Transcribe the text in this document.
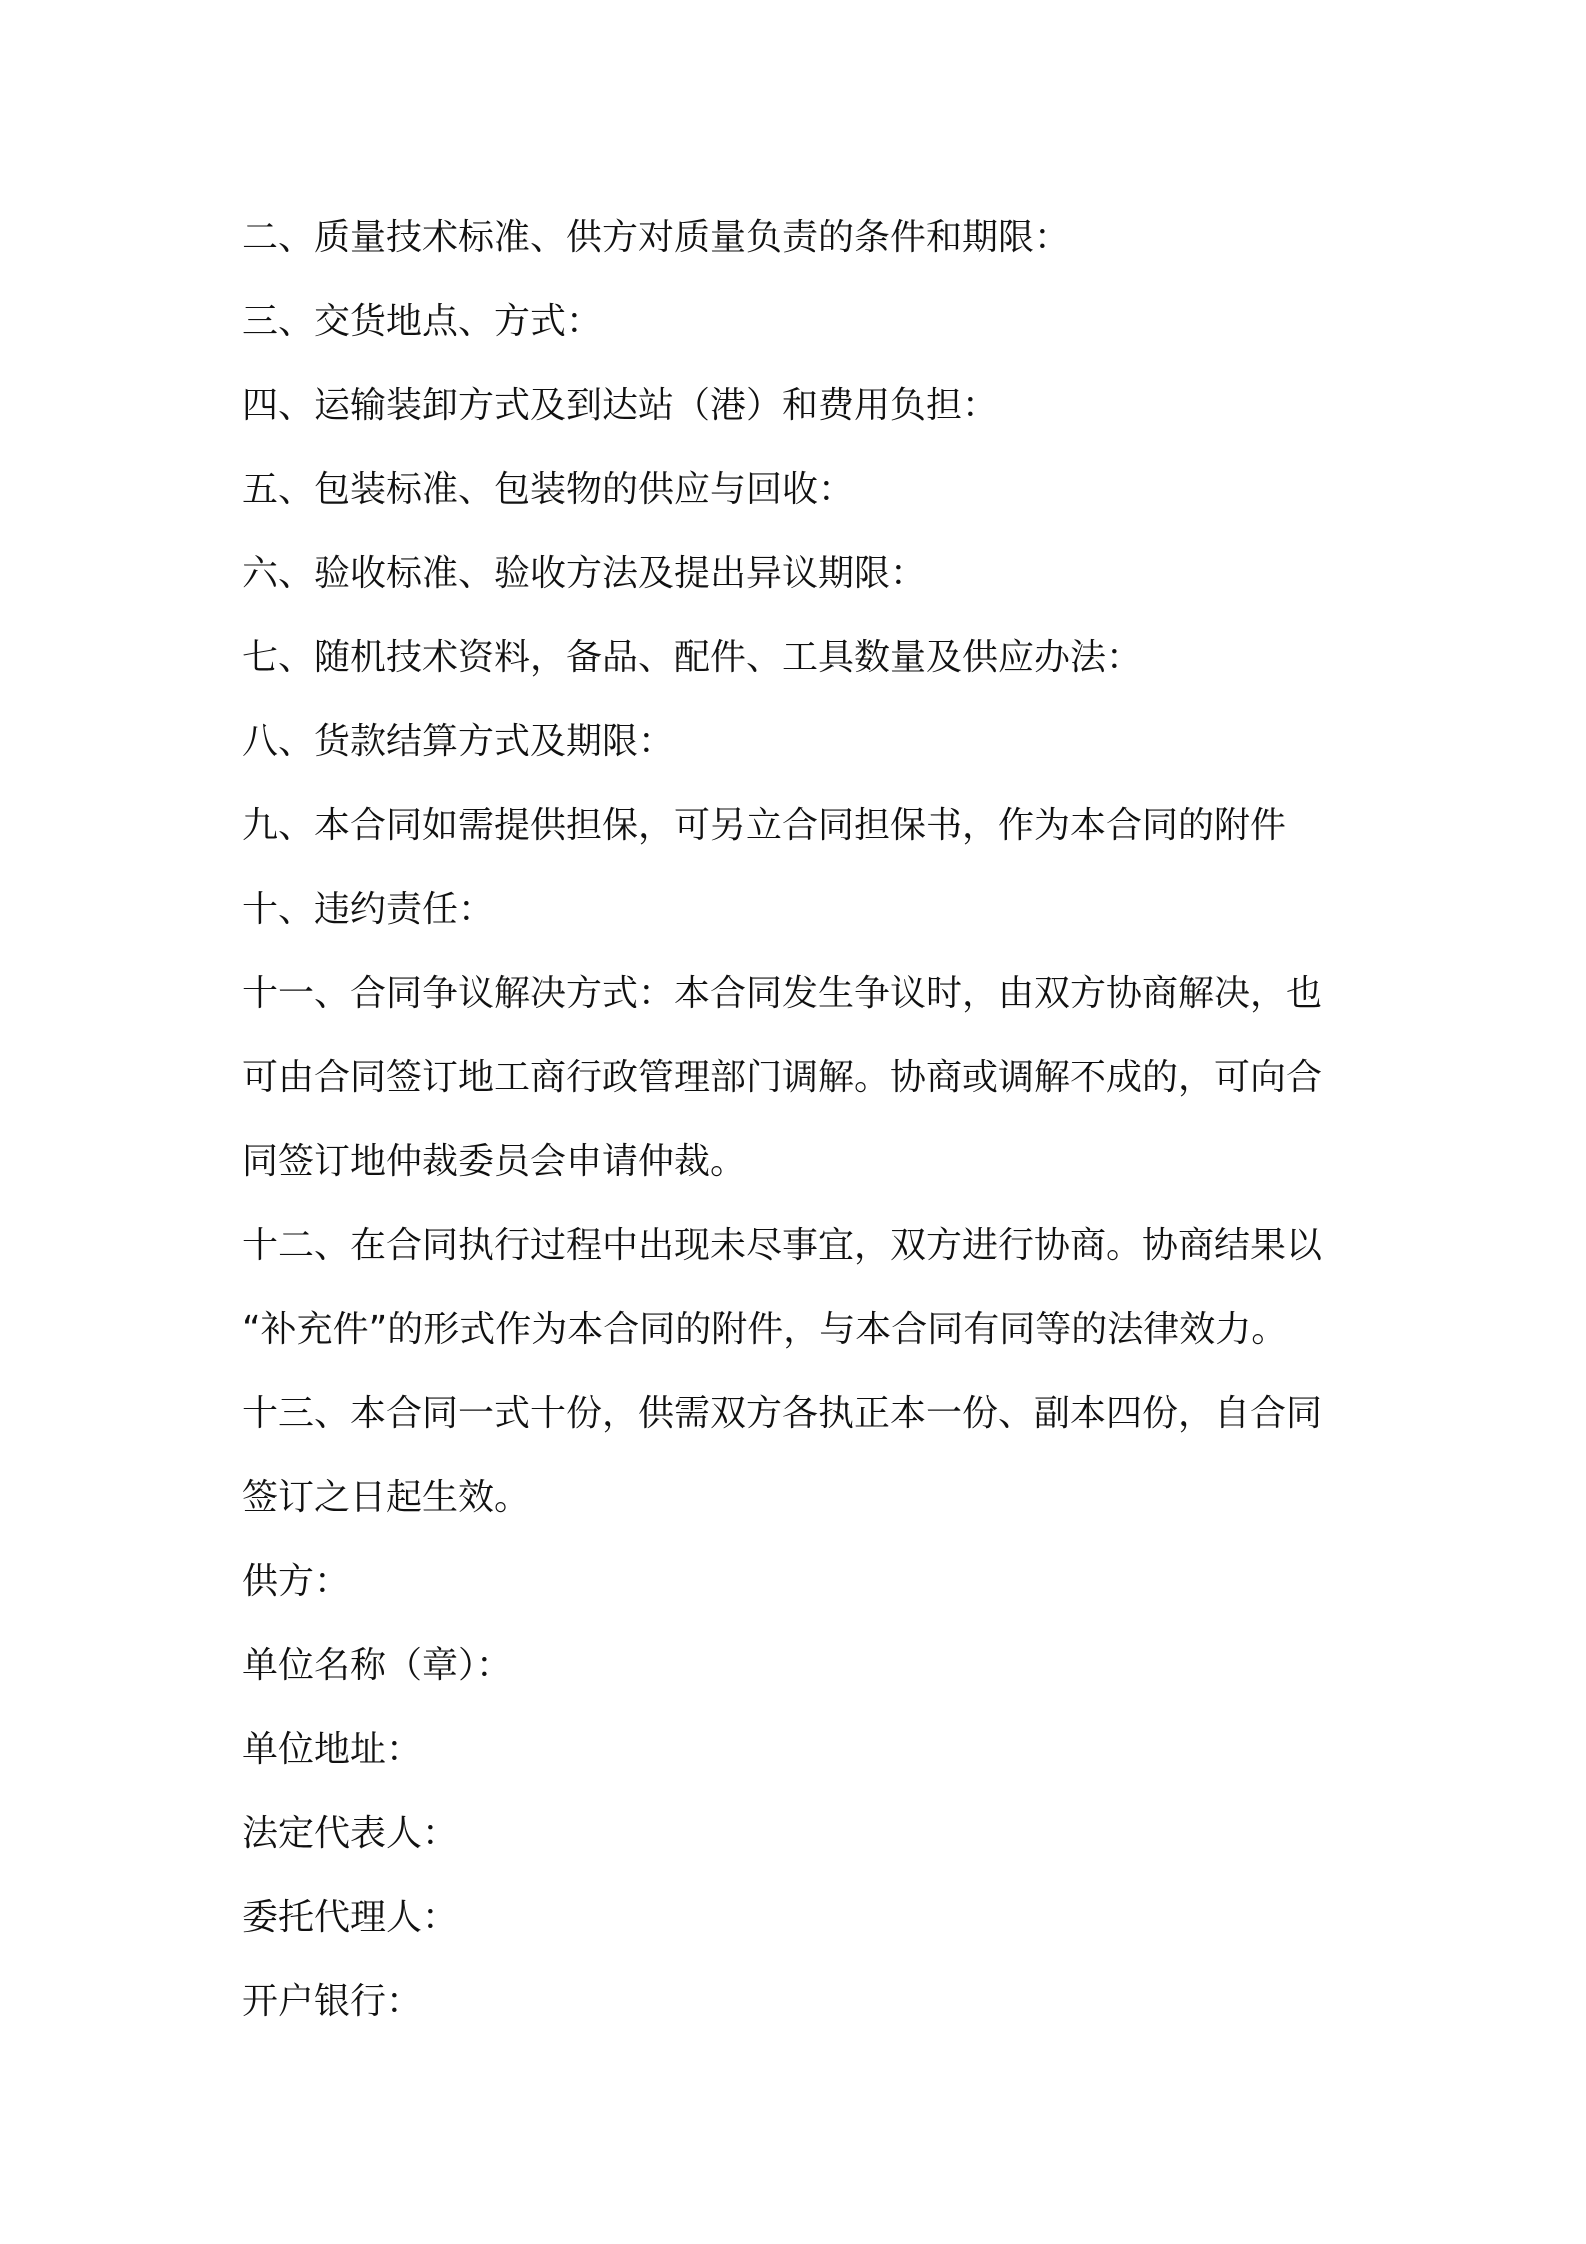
二、质量技术标准、供方对质量负责的条件和期限：
三、交货地点、方式：
四、运输装卸方式及到达站（港）和费用负担：
五、包装标准、包装物的供应与回收：
六、验收标准、验收方法及提出异议期限：
七、随机技术资料，备品、配件、工具数量及供应办法：
八、货款结算方式及期限：
九、本合同如需提供担保，可另立合同担保书，作为本合同的附件
十、违约责任：
十一、合同争议解决方式：本合同发生争议时，由双方协商解决，也
可由合同签订地工商行政管理部门调解。协商或调解不成的，可向合
同签订地仲裁委员会申请仲裁。
十二、在合同执行过程中出现未尽事宜，双方进行协商。协商结果以
“补充件”的形式作为本合同的附件，与本合同有同等的法律效力。
十三、本合同一式十份，供需双方各执正本一份、副本四份，自合同
签订之日起生效。
供方：
单位名称（章）：
单位地址：
法定代表人：
委托代理人：
开户银行：
